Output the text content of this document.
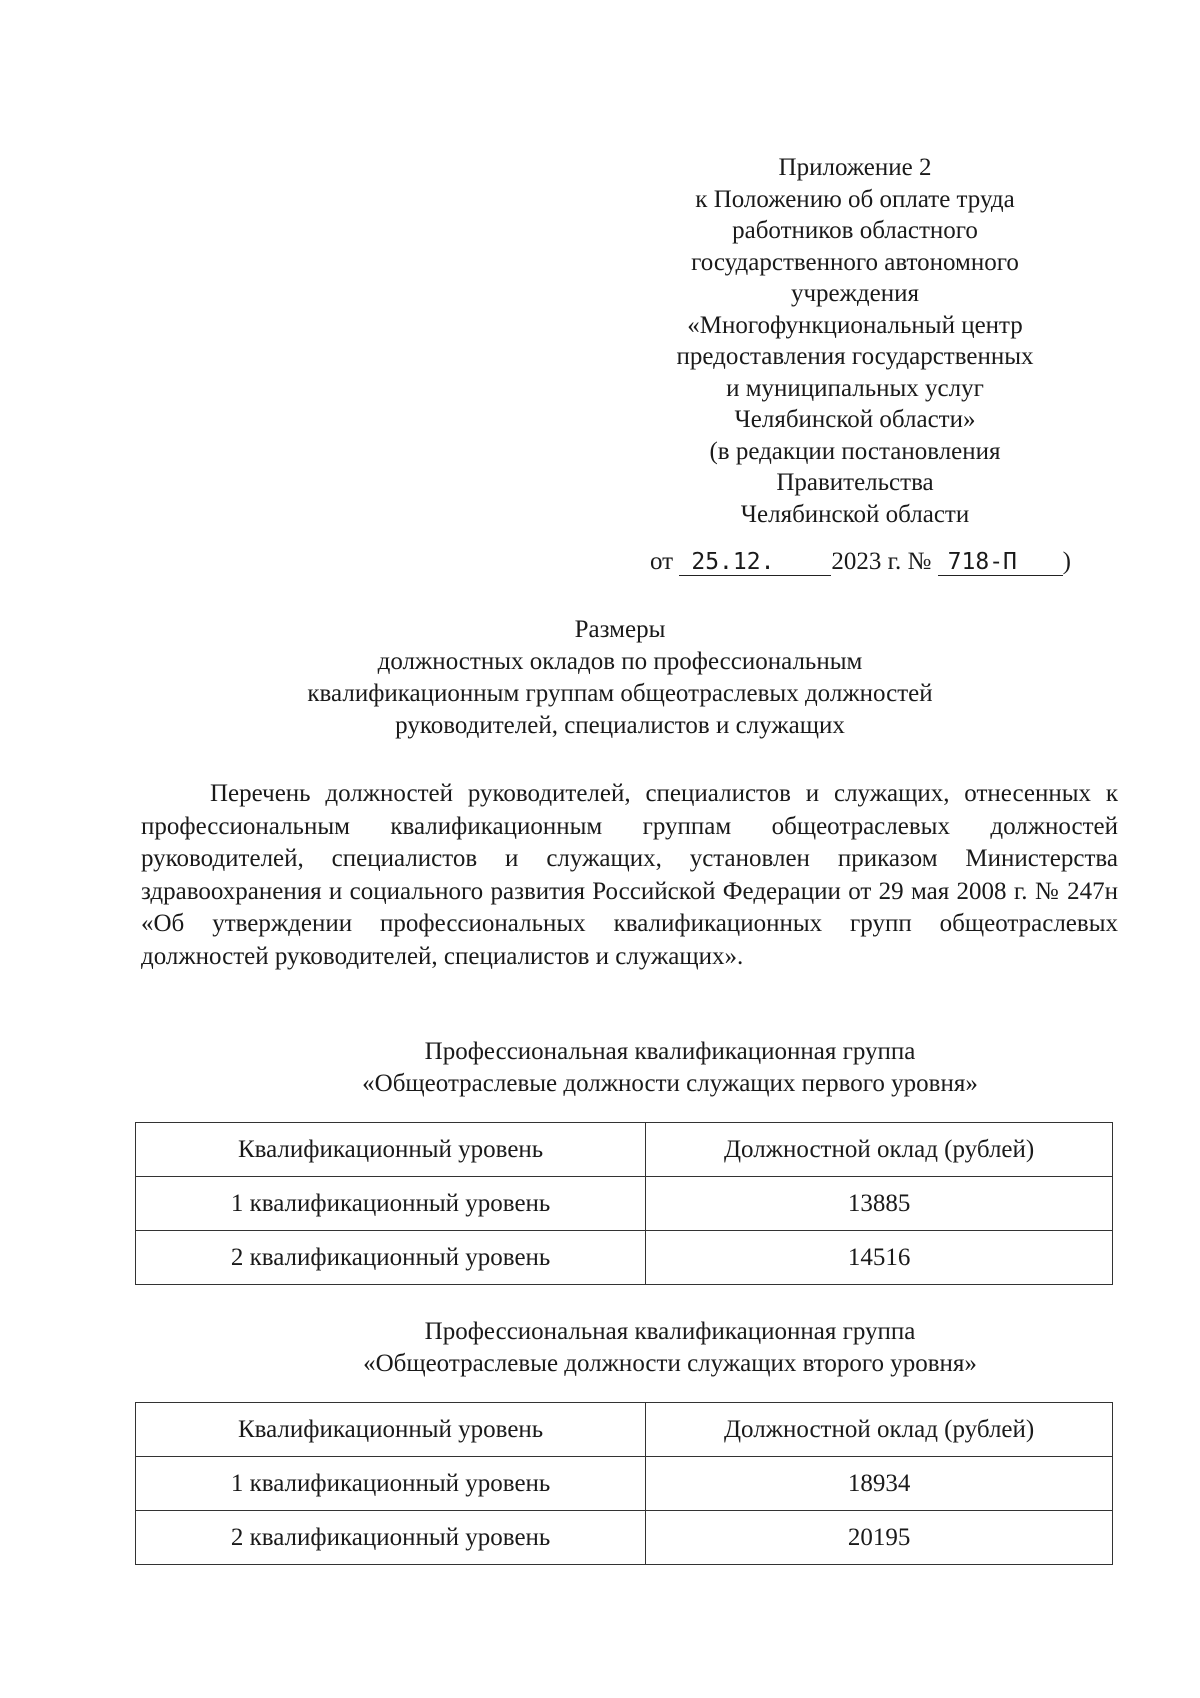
Приложение 2
к Положению об оплате труда
работников областного
государственного автономного
учреждения
«Многофункциональный центр
предоставления государственных
и муниципальных услуг
Челябинской области»
(в редакции постановления
Правительства
Челябинской области
от 25.12. 2023 г. № 718-П )
Размеры
должностных окладов по профессиональным
квалификационным группам общеотраслевых должностей
руководителей, специалистов и служащих

Перечень должностей руководителей, специалистов и служащих, отнесенных к профессиональным квалификационным группам общеотраслевых должностей руководителей, специалистов и служащих, установлен приказом Министерства здравоохранения и социального развития Российской Федерации от 29 мая 2008 г. № 247н «Об утверждении профессиональных квалификационных групп общеотраслевых должностей руководителей, специалистов и служащих».

Профессиональная квалификационная группа
«Общеотраслевые должности служащих первого уровня»
Квалификационный уровень	Должностной оклад (рублей)
1 квалификационный уровень	13885
2 квалификационный уровень	14516
Профессиональная квалификационная группа
«Общеотраслевые должности служащих второго уровня»
Квалификационный уровень	Должностной оклад (рублей)
1 квалификационный уровень	18934
2 квалификационный уровень	20195
